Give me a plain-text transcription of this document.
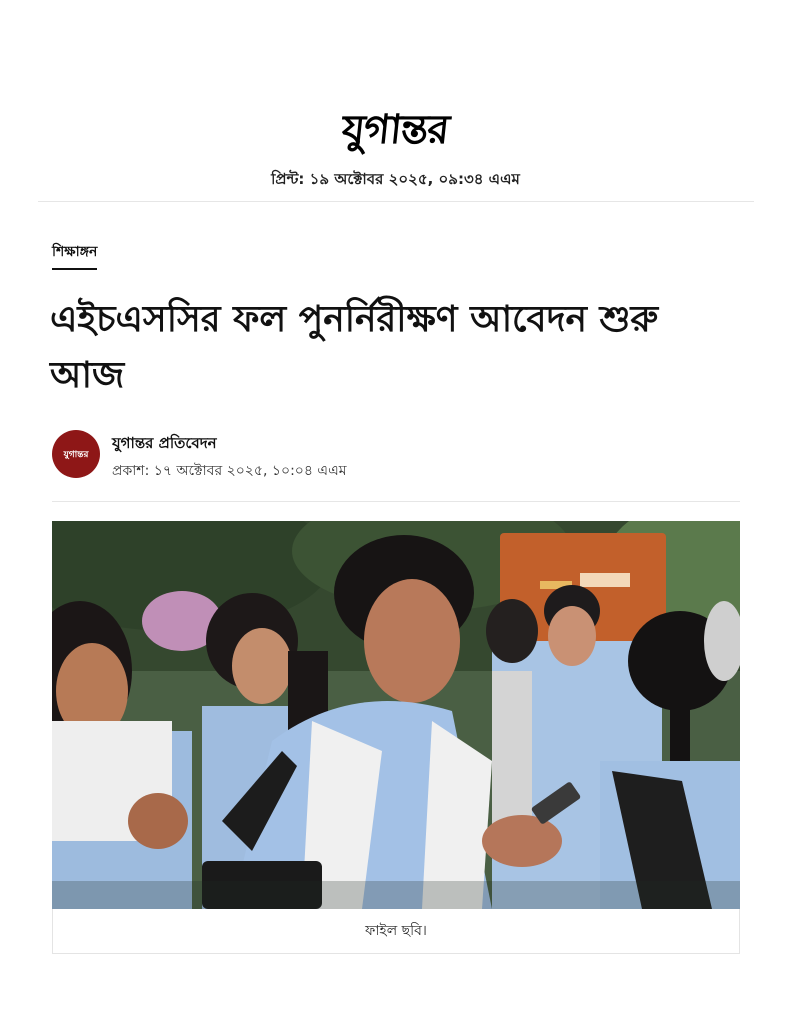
যুগান্তর
প্রিন্ট: ১৯ অক্টোবর ২০২৫, ০৯:৩৪ এএম
শিক্ষাঙ্গন
এইচএসসির ফল পুনর্নিরীক্ষণ আবেদন শুরু আজ
যুগান্তর
যুগান্তর প্রতিবেদন
প্রকাশ: ১৭ অক্টোবর ২০২৫, ১০:০৪ এএম
ফাইল ছবি।
